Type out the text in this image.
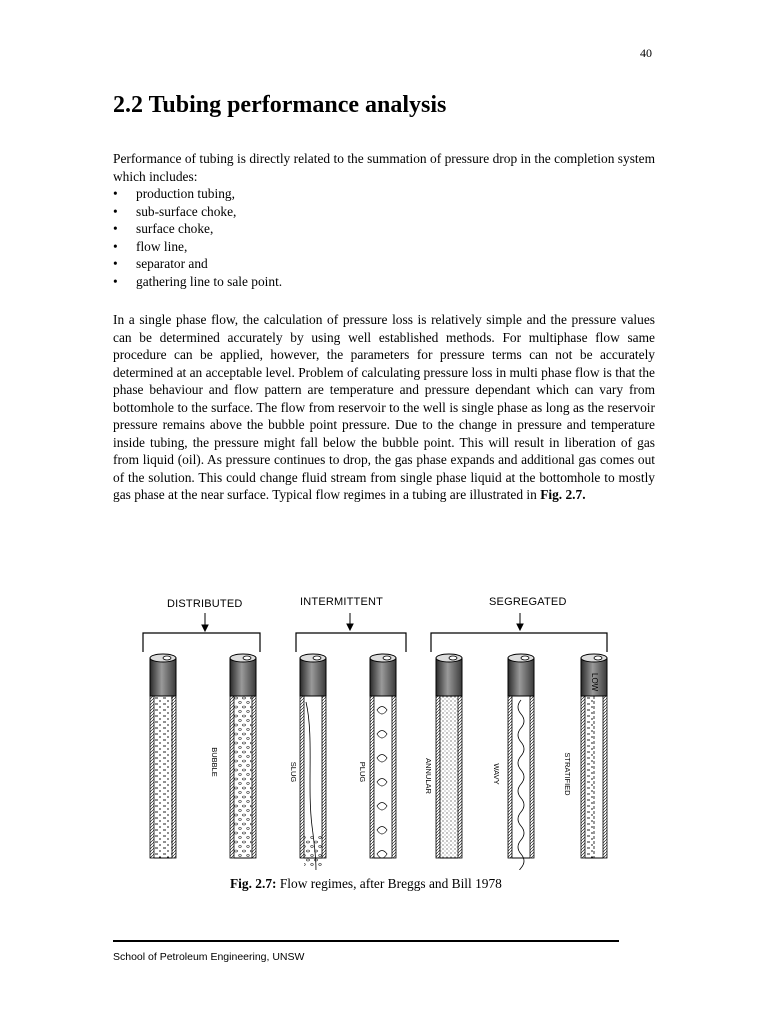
40
2.2 Tubing performance analysis

Performance of tubing is directly related to the summation of pressure drop in the completion system which includes:

• production tubing,
• sub-surface choke,
• surface choke,
• flow line,
• separator and
• gathering line to sale point.

In a single phase flow, the calculation of pressure loss is relatively simple and the pressure values can be determined accurately by using well established methods. For multiphase flow same procedure can be applied, however, the parameters for pressure terms can not be accurately determined at an acceptable level. Problem of calculating pressure loss in multi phase flow is that the phase behaviour and flow pattern are temperature and pressure dependant which can vary from bottomhole to the surface. The flow from reservoir to the well is single phase as long as the reservoir pressure remains above the bubble point pressure. Due to the change in pressure and temperature inside tubing, the pressure might fall below the bubble point. This will result in liberation of gas from liquid (oil). As pressure continues to drop, the gas phase expands and additional gas comes out of the solution. This could change fluid stream from single phase liquid at the bottomhole to mostly gas phase at the near surface. Typical flow regimes in a tubing are illustrated in Fig. 2.7.

DISTRIBUTED	INTERMITTENT	SEGREGATED
LOW
BUBBLE	SLUG	PLUG	ANNULAR	WAVY	STRATIFIED
Fig. 2.7: Flow regimes, after Breggs and Bill 1978
School of Petroleum Engineering, UNSW
